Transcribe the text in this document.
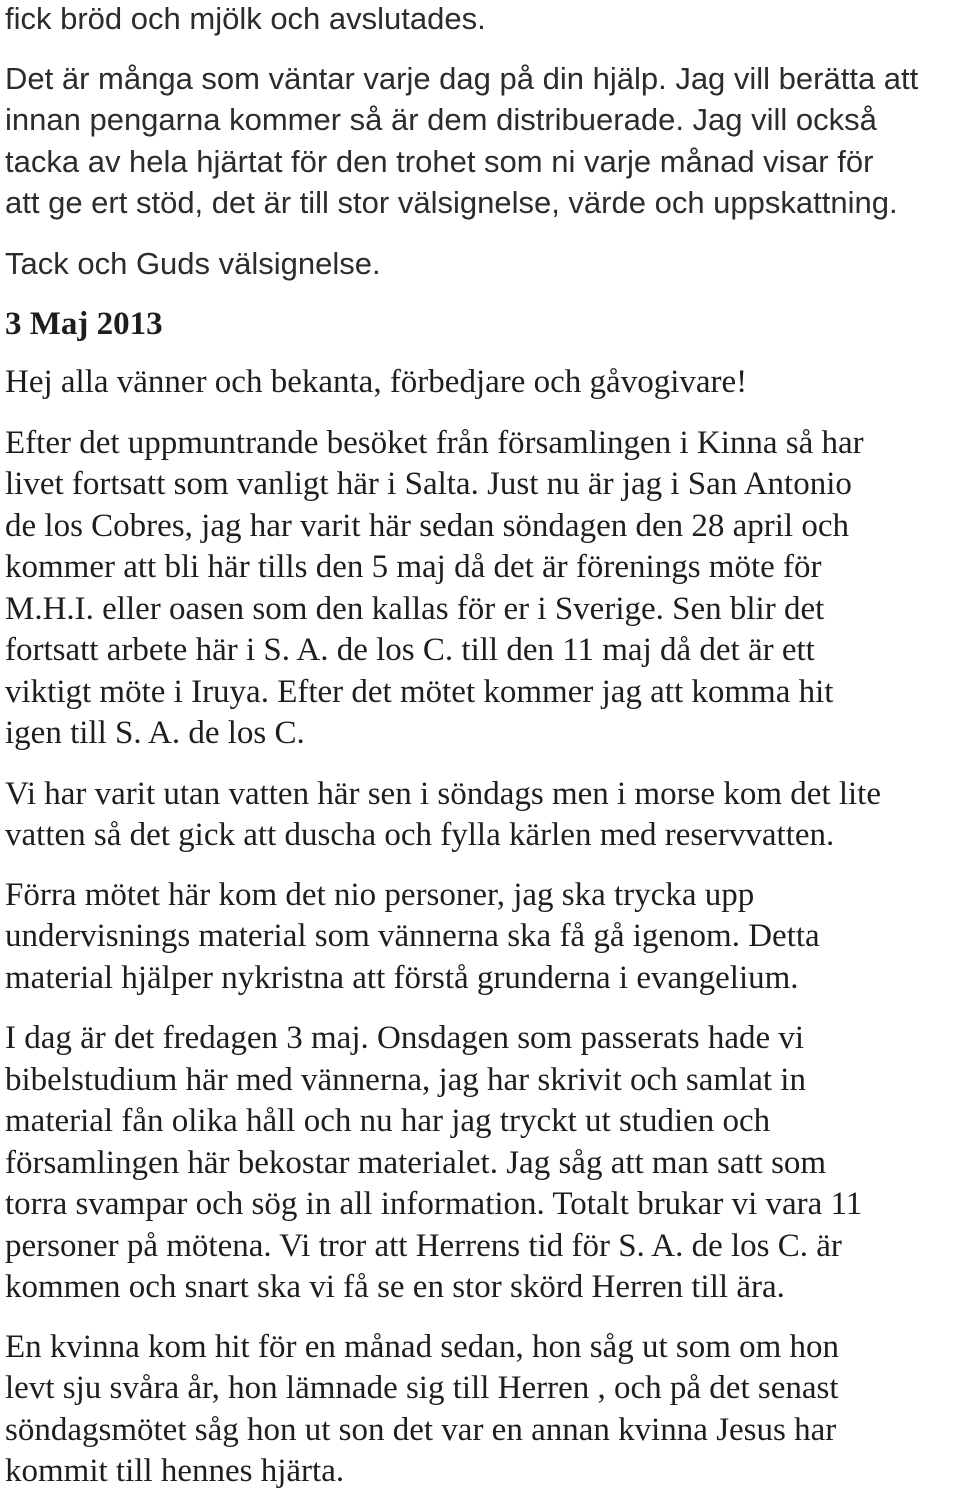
fick bröd och mjölk och avslutades.
Det är många som väntar varje dag på din hjälp. Jag vill berätta att
innan pengarna kommer så är dem distribuerade. Jag vill också
tacka av hela hjärtat för den trohet som ni varje månad visar för
att ge ert stöd, det är till stor välsignelse, värde och uppskattning.
Tack och Guds välsignelse.
3 Maj 2013
Hej alla vänner och bekanta, förbedjare och gåvogivare!
Efter det uppmuntrande besöket från församlingen i Kinna så har
livet fortsatt som vanligt här i Salta. Just nu är jag i San Antonio
de los Cobres, jag har varit här sedan söndagen den 28 april och
kommer att bli här tills den 5 maj då det är förenings möte för
M.H.I. eller oasen som den kallas för er i Sverige. Sen blir det
fortsatt arbete här i S. A. de los C. till den 11 maj då det är ett
viktigt möte i Iruya. Efter det mötet kommer jag att komma hit
igen till S. A. de los C.
Vi har varit utan vatten här sen i söndags men i morse kom det lite
vatten så det gick att duscha och fylla kärlen med reservvatten.
Förra mötet här kom det nio personer, jag ska trycka upp
undervisnings material som vännerna ska få gå igenom. Detta
material hjälper nykristna att förstå grunderna i evangelium.
I dag är det fredagen 3 maj. Onsdagen som passerats hade vi
bibelstudium här med vännerna, jag har skrivit och samlat in
material fån olika håll och nu har jag tryckt ut studien och
församlingen här bekostar materialet. Jag såg att man satt som
torra svampar och sög in all information. Totalt brukar vi vara 11
personer på mötena. Vi tror att Herrens tid för S. A. de los C. är
kommen och snart ska vi få se en stor skörd Herren till ära.
En kvinna kom hit för en månad sedan, hon såg ut som om hon
levt sju svåra år, hon lämnade sig till Herren , och på det senast
söndagsmötet såg hon ut son det var en annan kvinna Jesus har
kommit till hennes hjärta.
